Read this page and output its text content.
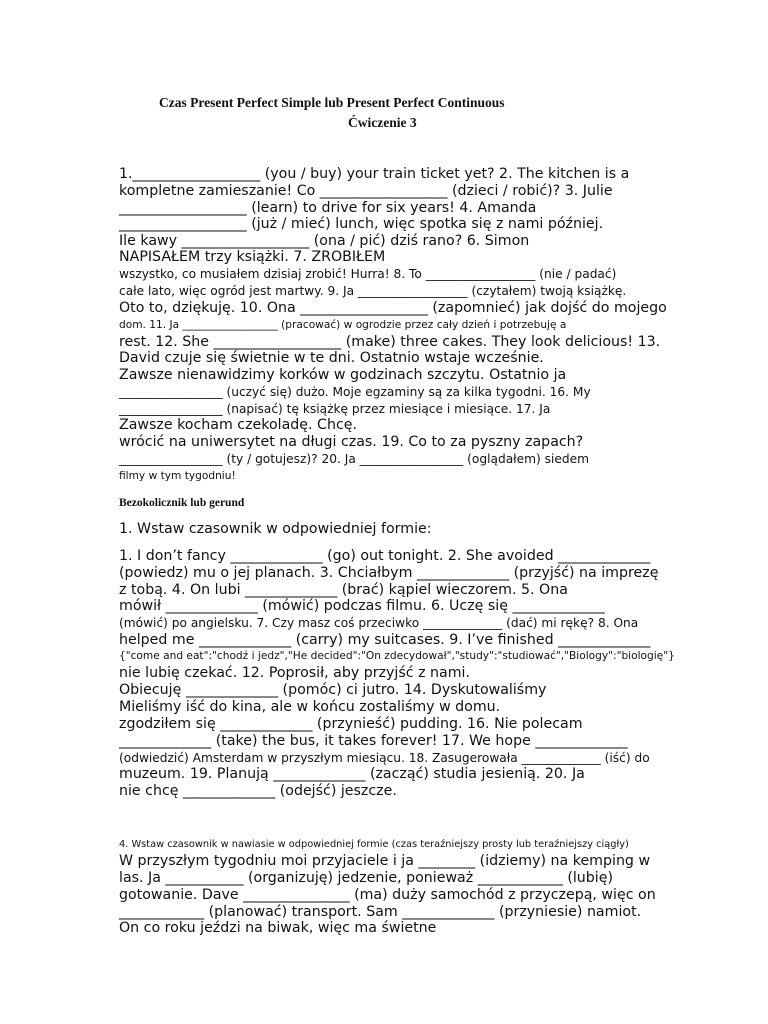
Czas Present Perfect Simple lub Present Perfect Continuous
Ćwiczenie 3
1.__________________ (you / buy) your train ticket yet? 2. The kitchen is a
kompletne zamieszanie! Co __________________ (dzieci / robić)? 3. Julie
__________________ (learn) to drive for six years! 4. Amanda
__________________ (już / mieć) lunch, więc spotka się z nami później.
Ile kawy __________________ (ona / pić) dziś rano? 6. Simon
NAPISAŁEM trzy książki. 7. ZROBIŁEM
wszystko, co musiałem dzisiaj zrobić! Hurra! 8. To __________________ (nie / padać)
całe lato, więc ogród jest martwy. 9. Ja __________________ (czytałem) twoją książkę.
Oto to, dziękuję. 10. Ona __________________ (zapomnieć) jak dojść do mojego
dom. 11. Ja __________________ (pracować) w ogrodzie przez cały dzień i potrzebuję a
rest. 12. She __________________ (make) three cakes. They look delicious! 13.
David czuje się świetnie w te dni. Ostatnio wstaje wcześnie.
Zawsze nienawidzimy korków w godzinach szczytu. Ostatnio ja
_________________ (uczyć się) dużo. Moje egzaminy są za kilka tygodni. 16. My
_________________ (napisać) tę książkę przez miesiące i miesiące. 17. Ja
Zawsze kocham czekoladę. Chcę.
wrócić na uniwersytet na długi czas. 19. Co to za pyszny zapach?
_________________ (ty / gotujesz)? 20. Ja _________________ (oglądałem) siedem
filmy w tym tygodniu!
Bezokolicznik lub gerund
1. Wstaw czasownik w odpowiedniej formie:
1. I don’t fancy _____________ (go) out tonight. 2. She avoided _____________
(powiedz) mu o jej planach. 3. Chciałbym _____________ (przyjść) na imprezę
z tobą. 4. On lubi _____________ (brać) kąpiel wieczorem. 5. Ona
mówił _____________ (mówić) podczas filmu. 6. Uczę się _____________
(mówić) po angielsku. 7. Czy masz coś przeciwko _____________ (dać) mi rękę? 8. Ona
helped me _____________ (carry) my suitcases. 9. I’ve finished _____________
{"come and eat":"chodź i jedz","He decided":"On zdecydował","study":"studiować","Biology":"biologię"}
nie lubię czekać. 12. Poprosił, aby przyjść z nami.
Obiecuję _____________ (pomóc) ci jutro. 14. Dyskutowaliśmy
Mieliśmy iść do kina, ale w końcu zostaliśmy w domu.
zgodziłem się _____________ (przynieść) pudding. 16. Nie polecam
_____________ (take) the bus, it takes forever! 17. We hope _____________
(odwiedzić) Amsterdam w przyszłym miesiącu. 18. Zasugerowała _____________ (iść) do
muzeum. 19. Planują _____________ (zacząć) studia jesienią. 20. Ja
nie chcę _____________ (odejść) jeszcze.
4. Wstaw czasownik w nawiasie w odpowiedniej formie (czas teraźniejszy prosty lub teraźniejszy ciągły)
W przyszłym tygodniu moi przyjaciele i ja ________ (idziemy) na kemping w
las. Ja ___________ (organizuję) jedzenie, ponieważ ____________ (lubię)
gotowanie. Dave _______________ (ma) duży samochód z przyczepą, więc on
____________ (planować) transport. Sam _____________ (przyniesie) namiot.
On co roku jeździ na biwak, więc ma świetne
